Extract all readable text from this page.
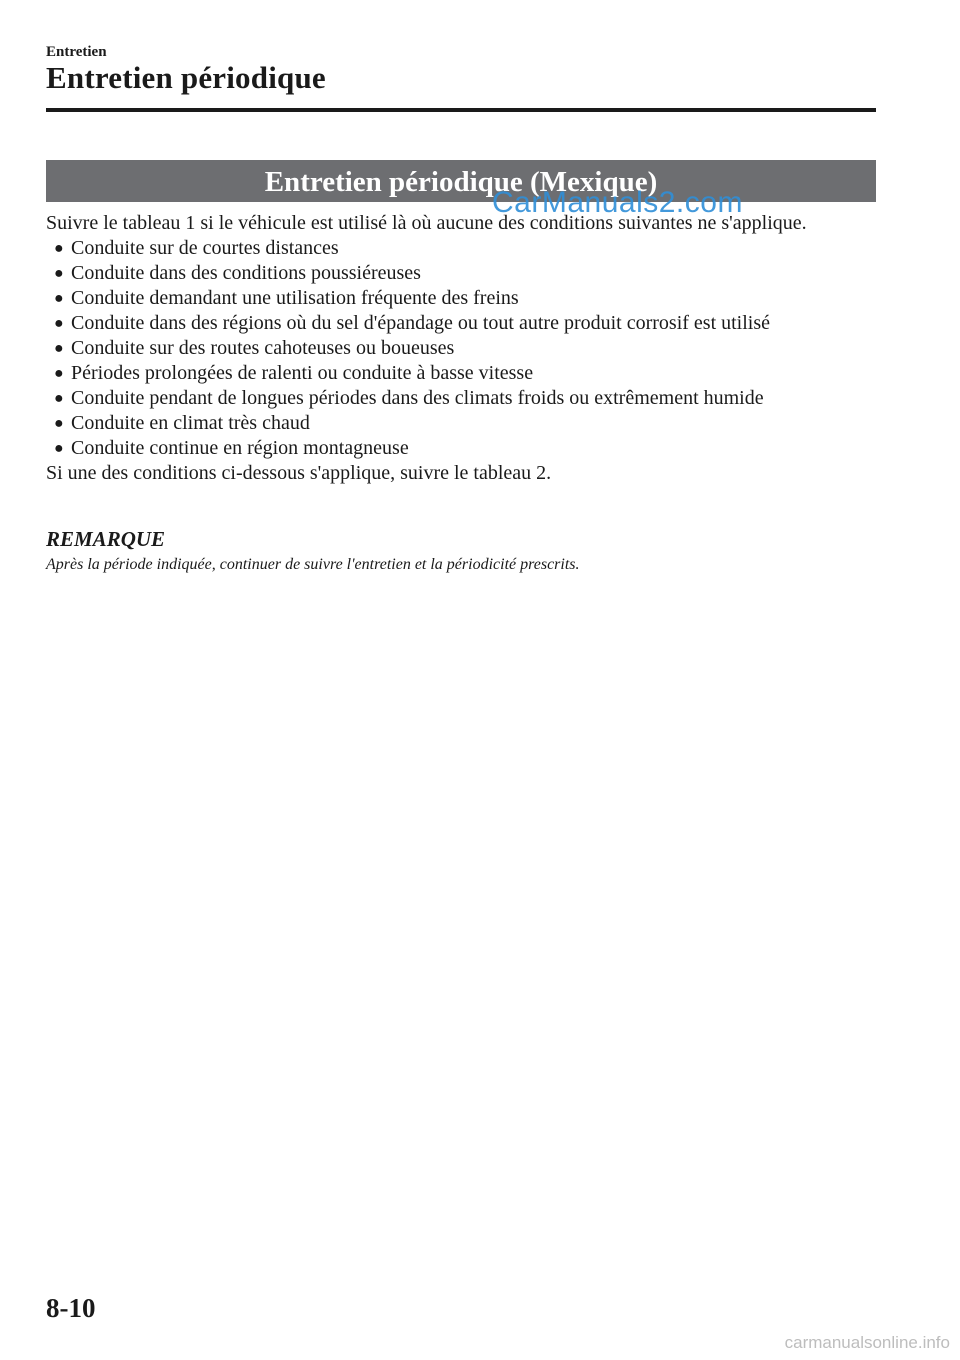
Entretien
Entretien périodique
Entretien périodique (Mexique)
CarManuals2.com

Suivre le tableau 1 si le véhicule est utilisé là où aucune des conditions suivantes ne s'applique.

● Conduite sur de courtes distances
● Conduite dans des conditions poussiéreuses
● Conduite demandant une utilisation fréquente des freins
● Conduite dans des régions où du sel d'épandage ou tout autre produit corrosif est utilisé
● Conduite sur des routes cahoteuses ou boueuses
● Périodes prolongées de ralenti ou conduite à basse vitesse
● Conduite pendant de longues périodes dans des climats froids ou extrêmement humide
● Conduite en climat très chaud
● Conduite continue en région montagneuse

Si une des conditions ci-dessous s'applique, suivre le tableau 2.

REMARQUE
Après la période indiquée, continuer de suivre l'entretien et la périodicité prescrits.
8-10
carmanualsonline.info
